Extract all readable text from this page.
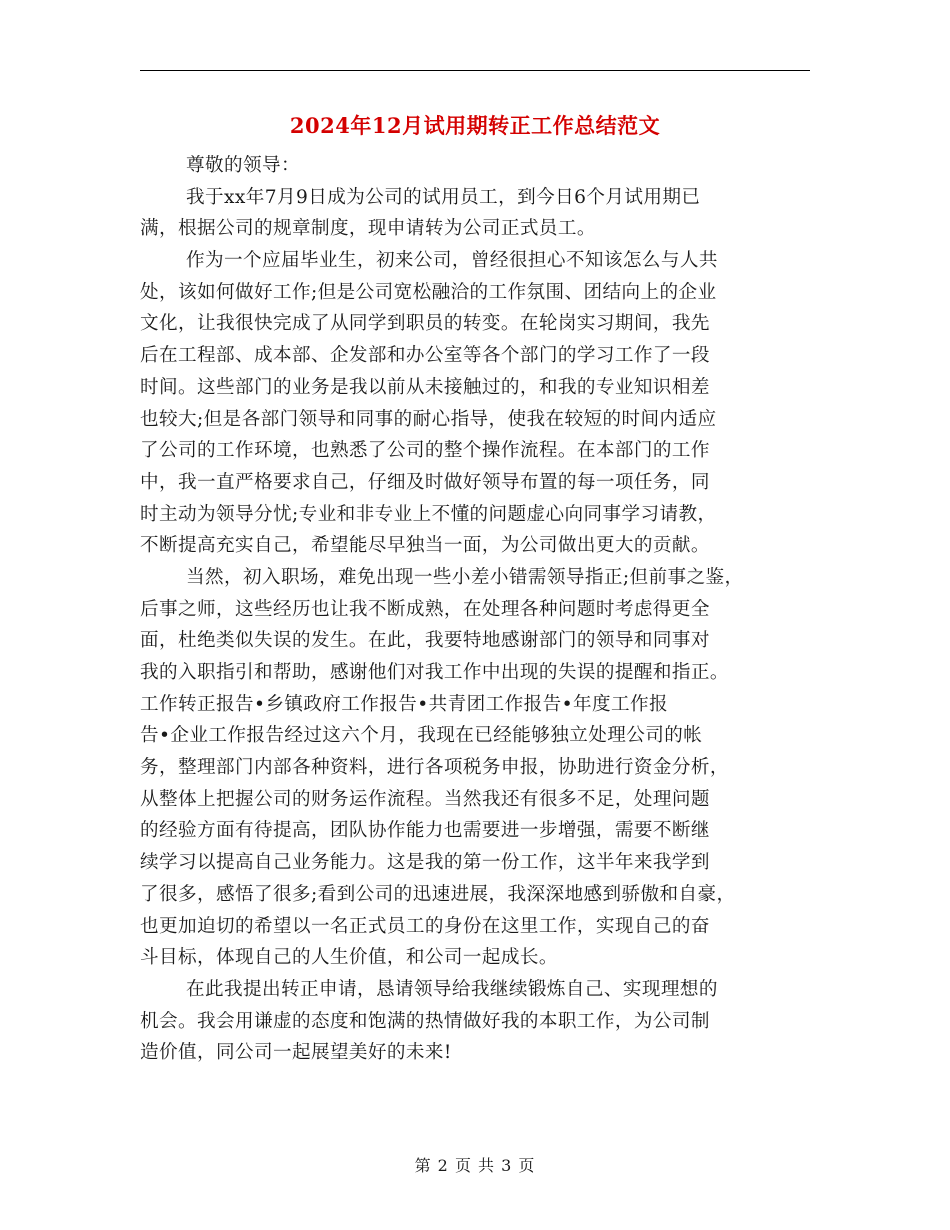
2024年12月试用期转正工作总结范文
尊敬的领导：
我于xx年7月9日成为公司的试用员工，到今日6个月试用期已
满，根据公司的规章制度，现申请转为公司正式员工。
作为一个应届毕业生，初来公司，曾经很担心不知该怎么与人共
处，该如何做好工作;但是公司宽松融洽的工作氛围、团结向上的企业
文化，让我很快完成了从同学到职员的转变。在轮岗实习期间，我先
后在工程部、成本部、企发部和办公室等各个部门的学习工作了一段
时间。这些部门的业务是我以前从未接触过的，和我的专业知识相差
也较大;但是各部门领导和同事的耐心指导，使我在较短的时间内适应
了公司的工作环境，也熟悉了公司的整个操作流程。在本部门的工作
中，我一直严格要求自己，仔细及时做好领导布置的每一项任务，同
时主动为领导分忧;专业和非专业上不懂的问题虚心向同事学习请教，
不断提高充实自己，希望能尽早独当一面，为公司做出更大的贡献。
当然，初入职场，难免出现一些小差小错需领导指正;但前事之鉴，
后事之师，这些经历也让我不断成熟，在处理各种问题时考虑得更全
面，杜绝类似失误的发生。在此，我要特地感谢部门的领导和同事对
我的入职指引和帮助，感谢他们对我工作中出现的失误的提醒和指正。
工作转正报告•乡镇政府工作报告•共青团工作报告•年度工作报
告•企业工作报告经过这六个月，我现在已经能够独立处理公司的帐
务，整理部门内部各种资料，进行各项税务申报，协助进行资金分析，
从整体上把握公司的财务运作流程。当然我还有很多不足，处理问题
的经验方面有待提高，团队协作能力也需要进一步增强，需要不断继
续学习以提高自己业务能力。这是我的第一份工作，这半年来我学到
了很多，感悟了很多;看到公司的迅速进展，我深深地感到骄傲和自豪，
也更加迫切的希望以一名正式员工的身份在这里工作，实现自己的奋
斗目标，体现自己的人生价值，和公司一起成长。
在此我提出转正申请，恳请领导给我继续锻炼自己、实现理想的
机会。我会用谦虚的态度和饱满的热情做好我的本职工作，为公司制
造价值，同公司一起展望美好的未来!
第 2 页 共 3 页
